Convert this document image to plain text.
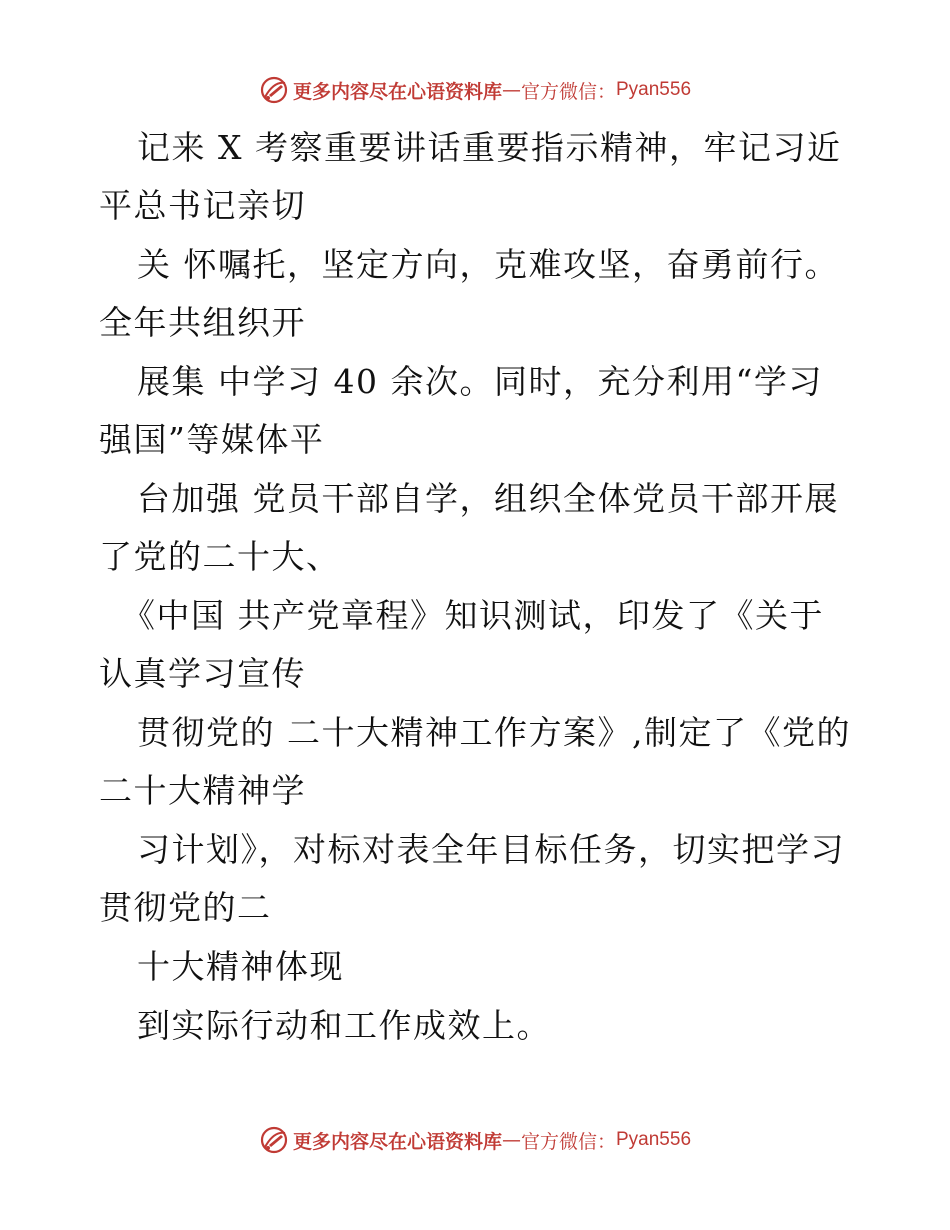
更多内容尽在心语资料库 — 官方微信： Pyan556
记来 X 考察重要讲话重要指示精神，牢记习近
平总书记亲切
关 怀嘱托，坚定方向，克难攻坚，奋勇前行。
全年共组织开
展集 中学习 40 余次。同时，充分利用“学习
强国”等媒体平
台加强 党员干部自学，组织全体党员干部开展
了党的二十大、
《中国 共产党章程》知识测试，印发了《关于
认真学习宣传
贯彻党的 二十大精神工作方案》,制定了《党的
二十大精神学
习计划》，对标对表全年目标任务，切实把学习
贯彻党的二
十大精神体现
到实际行动和工作成效上。
更多内容尽在心语资料库 — 官方微信： Pyan556
